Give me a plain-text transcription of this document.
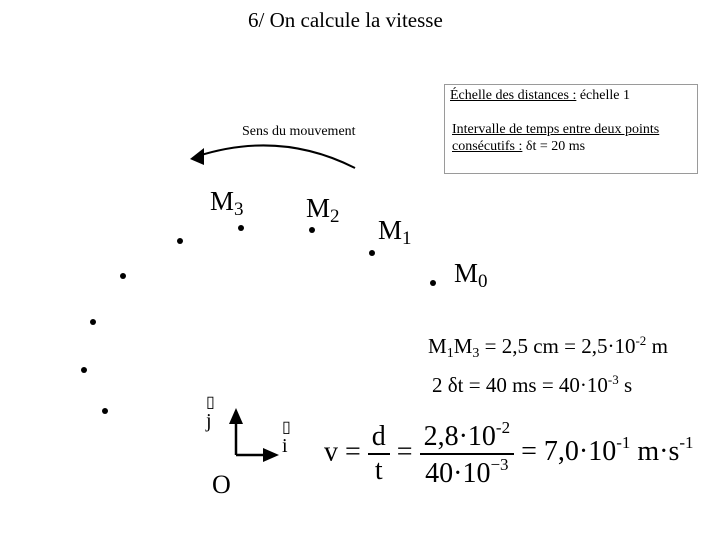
6/ On calcule la vitesse
Échelle des distances : échelle 1
Intervalle de temps entre deux points
consécutifs : δt = 20 ms
Sens du mouvement
$M_3$ $M_2$ $M_1$
$M_0$
$M_1M_3 = 2,5$ cm = $2,5\cdot 10^{-2}$ m
2 δt = 40 ms = $40\cdot 10^{-3}$ s
▯
j	▯
i
O
$v = \frac{d}{t} = \frac{2,8\cdot 10^{-2}}{40\cdot 10^{-3}} = 7,0\cdot 10^{-1}$ $m\cdot s^{-1}$
